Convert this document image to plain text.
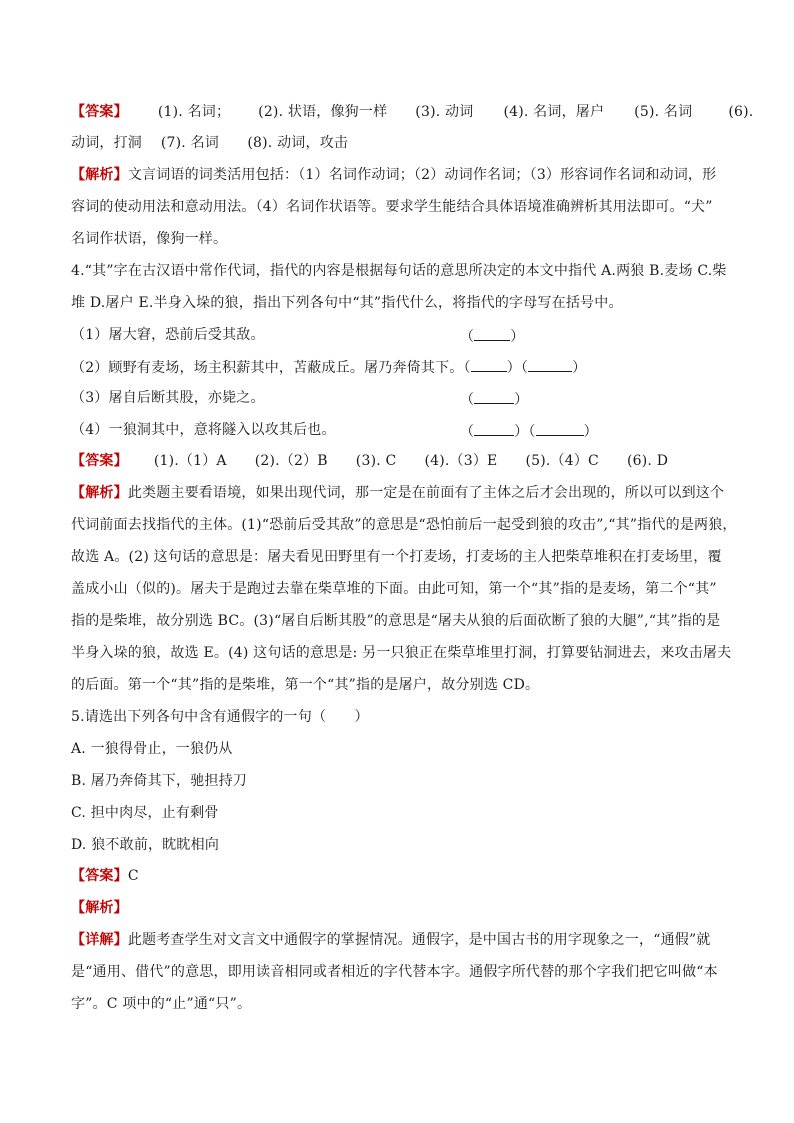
【答案】 (1). 名词； (2). 状语，像狗一样 (3). 动词 (4). 名词，屠户 (5). 名词	(6).
动词，打洞　 (7). 名词　　(8). 动词，攻击
【解析】文言词语的词类活用包括：（1）名词作动词；（2）动词作名词；（3）形容词作名词和动词，形
容词的使动用法和意动用法。（4）名词作状语等。要求学生能结合具体语境准确辨析其用法即可。“犬”
名词作状语，像狗一样。
4.“其”字在古汉语中常作代词，指代的内容是根据每句话的意思所决定的本文中指代 A.两狼 B.麦场 C.柴
堆 D.屠户 E.半身入垛的狼，指出下列各句中“其”指代什么，将指代的字母写在括号中。
（1）屠大窘，恐前后受其敌。	（	）
（2）顾野有麦场，场主积薪其中，苫蔽成丘。屠乃奔倚其下。（	）（	）
（3）屠自后断其股，亦毙之。	（	）
（4）一狼洞其中，意将隧入以攻其后也。	（	）（	）
【答案】 (1).（1）A (2).（2）B (3). C (4).（3）E (5).（4）C (6). D
【解析】此类题主要看语境，如果出现代词，那一定是在前面有了主体之后才会出现的，所以可以到这个
代词前面去找指代的主体。(1)“恐前后受其敌”的意思是“恐怕前后一起受到狼的攻击”,“其”指代的是两狼，
故选 A。(2) 这句话的意思是：屠夫看见田野里有一个打麦场，打麦场的主人把柴草堆积在打麦场里，覆
盖成小山（似的)。屠夫于是跑过去靠在柴草堆的下面。由此可知，第一个“其”指的是麦场，第二个“其”
指的是柴堆，故分别选 BC。(3)“屠自后断其股”的意思是“屠夫从狼的后面砍断了狼的大腿”,“其”指的是
半身入垛的狼，故选 E。(4) 这句话的意思是: 另一只狼正在柴草堆里打洞，打算要钻洞进去，来攻击屠夫
的后面。第一个“其”指的是柴堆，第一个“其”指的是屠户，故分别选 CD。
5.请选出下列各句中含有通假字的一句（　　）
A. 一狼得骨止，一狼仍从
B. 屠乃奔倚其下，驰担持刀
C. 担中肉尽，止有剩骨
D. 狼不敢前，眈眈相向
【答案】C
【解析】
【详解】此题考查学生对文言文中通假字的掌握情况。通假字，是中国古书的用字现象之一，“通假”就
是“通用、借代”的意思，即用读音相同或者相近的字代替本字。通假字所代替的那个字我们把它叫做“本
字”。C 项中的“止”通“只”。
